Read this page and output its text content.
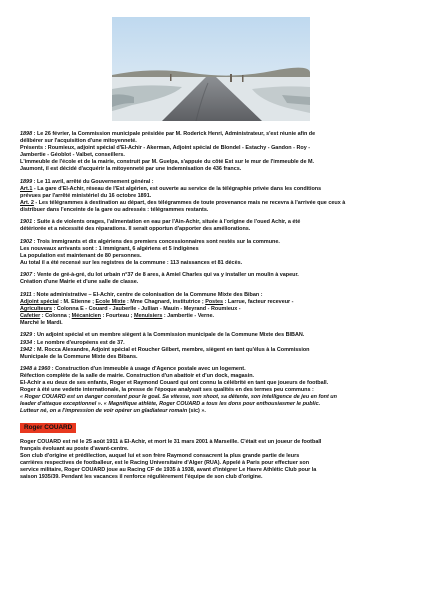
1898 : Le 26 février, la Commission municipale présidée par M. Roderick Henri, Administrateur, s'est réunie afin de
délibérer sur l'acquisition d'une mitoyenneté.
Présents : Roumieux, adjoint spécial d'El-Achir - Akerman, Adjoint spécial de Blondel - Estachy - Gandon - Roy -
Jambertie - Géoblot - Valbet, conseillers.
L'immeuble de l'école et de la mairie, construit par M. Guelpa, s'appuie du côté Est sur le mur de l'immeuble de M.
Jaumont, il est décidé d'acquérir la mitoyenneté par une indemnisation de 436 francs.

1899 : Le 11 avril, arrêté du Gouvernement général :
Art.1 - La gare d'El-Achir, réseau de l'Est algérien, est ouverte au service de la télégraphie privée dans les conditions
prévues par l'arrêté ministériel du 16 octobre 1891.
Art. 2 - Les télégrammes à destination au départ, des télégrammes de toute provenance mais ne recevra à l'arrivée que ceux à
distribuer dans l'enceinte de la gare ou adressés : télégrammes restants.

1901 : Suite à de violents orages, l'alimentation en eau par l'Ain-Achir, située à l'origine de l'oued Achir, a été
détériorée et a nécessité des réparations. Il serait opportun d'apporter des améliorations.

1902 : Trois immigrants et dix algériens des premiers concessionnaires sont restés sur la commune.
Les nouveaux arrivants sont : 1 immigrant, 6 algériens et 5 indigènes
La population est maintenant de 80 personnes.
Au total il a été recensé sur les registres de la commune : 113 naissances et 81 décès.

1907 : Vente de gré-à-gré, du lot urbain n°37 de 8 ares, à Amiel Charles qui va y installer un moulin à vapeur.
Création d'une Mairie et d'une salle de classe.

1911 : Note administrative – El-Achir, centre de colonisation de la Commune Mixte des Biban :
Adjoint spécial : M. Etienne ; Ecole Mixte : Mme Chagnard, institutrice ; Postes : Larrue, facteur receveur -
Agriculteurs : Colonna E - Couard - Jauberlle - Jullian - Mauin - Meyrand - Roumieux -
Cafetier : Colonna ; Mécanicien : Fourteau ; Menuisiers : Jambertie - Verne.
Marché le Mardi.

1929 : Un adjoint spécial et un membre siègent à la Commission municipale de la Commune Mixte des BIBAN.
1934 : Le nombre d'européens est de 37.
1942 : M. Rocca Alexandre, Adjoint spécial et Roucher Gilbert, membre, siègent en tant qu'élus à la Commission
Municipale de la Commune Mixte des Bibans.

1948 à 1960 : Construction d'un immeuble à usage d'Agence postale avec un logement.
Réfection complète de la salle de mairie. Construction d'un abattoir et d'un dock, magasin.
El-Achir a eu deux de ses enfants, Roger et Raymond Couard qui ont connu la célébrité en tant que joueurs de football.
Roger à été une vedette internationale, la presse de l'époque analysait ses qualités en des termes peu communs :
« Roger COUARD est un danger constant pour le goal. Sa vitesse, son shoot, sa détente, son intelligence de jeu en font un
leader d'attaque exceptionnel ». « Magnifique athlète, Roger COUARD a tous les dons pour enthousiasmer le public.
Lutteur né, on a l'impression de voir opérer un gladiateur romain (sic) ».

Roger COUARD

Roger COUARD est né le 25 août 1911 à El-Achir, et mort le 31 mars 2001 à Marseille. C'était est un joueur de football
français évoluant au poste d'avant-centre.
Son club d'origine et prédilection, auquel lui et son frère Raymond consacrent la plus grande partie de leurs
carrières respectives de footballeur, est le Racing Universitaire d'Alger (RUA). Appelé à Paris pour effectuer son
service militaire, Roger COUARD joue au Racing CF de 1935 à 1938, avant d'intégrer Le Havre Athlétic Club pour la
saison 1935/39. Pendant les vacances il renforce régulièrement l'équipe de son club d'origine.
